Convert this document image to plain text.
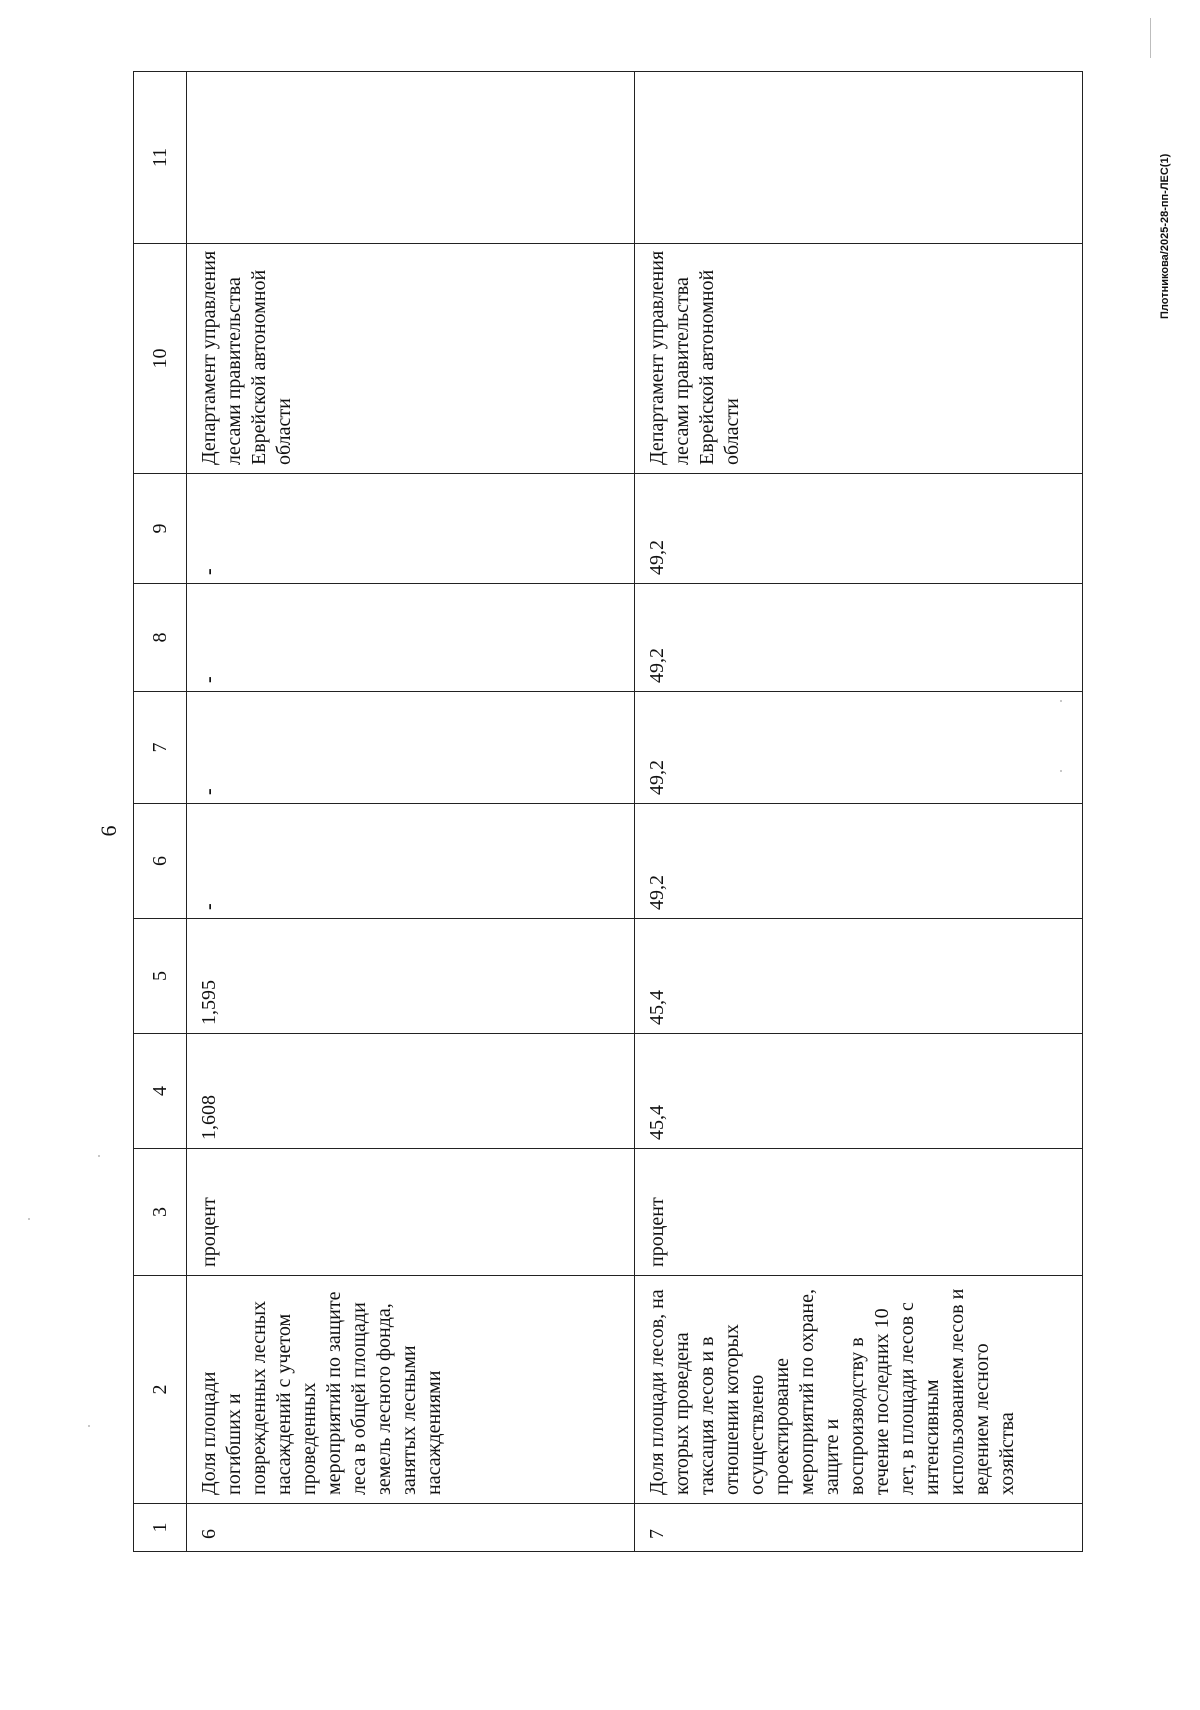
6
Плотникова/2025-28-пп-ЛЕС(1)
1	2	3	4	5	6	7	8	9	10	11
6	Доля площади погибших и поврежденных лесных насаждений с учетом проведенных мероприятий по защите леса в общей площади земель лесного фонда, занятых лесными насаждениями	процент	1,608	1,595	-	-	-	-	Департамент управления лесами правительства Еврейской автономной области	
7	Доля площади лесов, на которых проведена таксация лесов и в отношении которых осуществлено проектирование мероприятий по охране, защите и воспроизводству в течение последних 10 лет, в площади лесов с интенсивным использованием лесов и ведением лесного хозяйства	процент	45,4	45,4	49,2	49,2	49,2	49,2	Департамент управления лесами правительства Еврейской автономной области	
